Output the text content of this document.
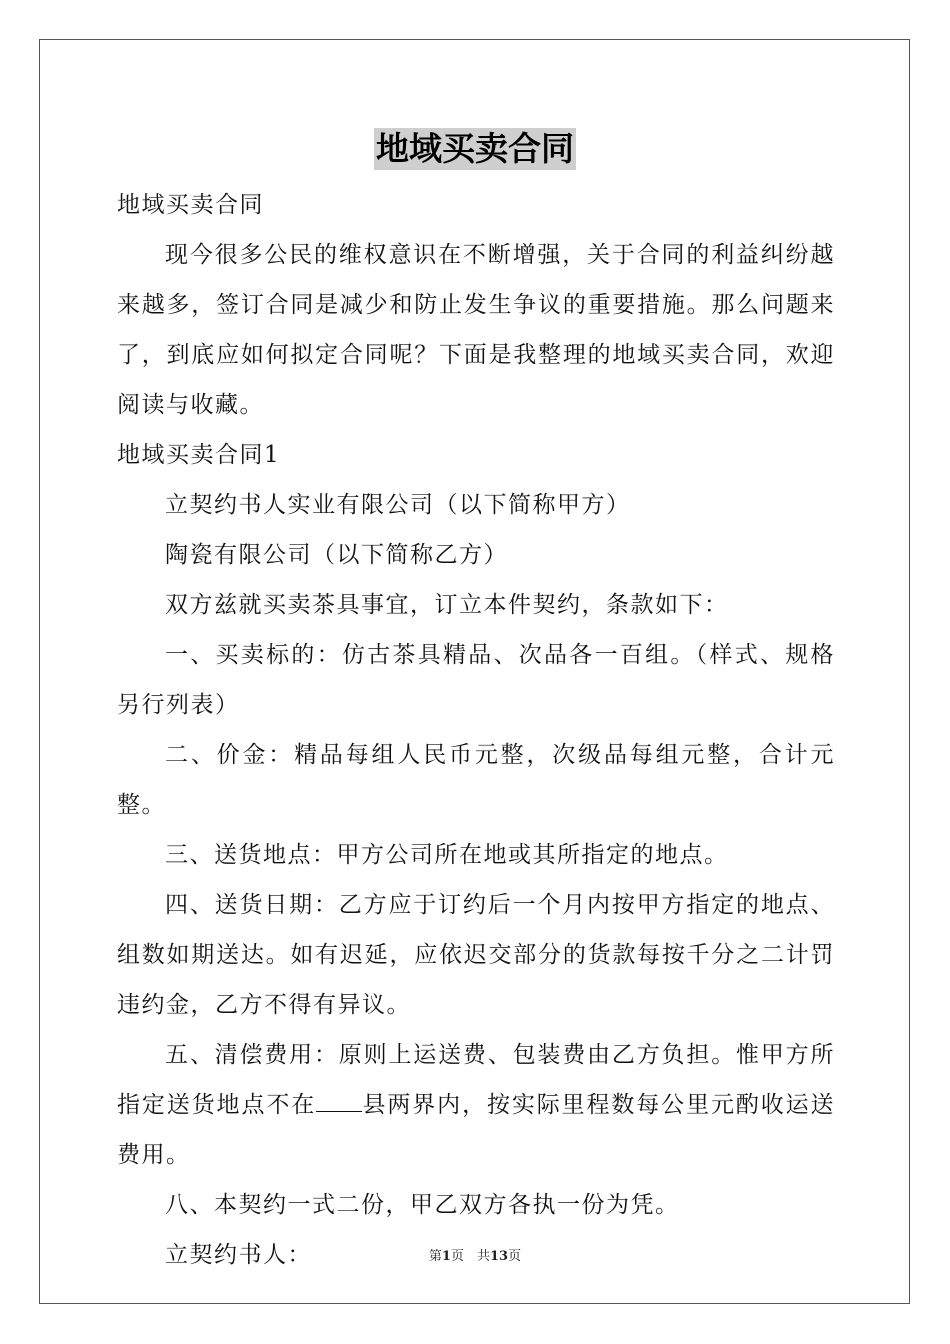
地域买卖合同

地域买卖合同

现今很多公民的维权意识在不断增强，关于合同的利益纠纷越来越多，签订合同是减少和防止发生争议的重要措施。那么问题来了，到底应如何拟定合同呢？下面是我整理的地域买卖合同，欢迎阅读与收藏。

地域买卖合同1

立契约书人实业有限公司（以下简称甲方）

陶瓷有限公司（以下简称乙方）

双方兹就买卖茶具事宜，订立本件契约，条款如下：

一、买卖标的：仿古茶具精品、次品各一百组。（样式、规格另行列表）

二、价金：精品每组人民币元整，次级品每组元整，合计元整。

三、送货地点：甲方公司所在地或其所指定的地点。

四、送货日期：乙方应于订约后一个月内按甲方指定的地点、组数如期送达。如有迟延，应依迟交部分的货款每按千分之二计罚违约金，乙方不得有异议。

五、清偿费用：原则上运送费、包装费由乙方负担。惟甲方所指定送货地点不在 县两界内，按实际里程数每公里元酌收运送费用。

八、本契约一式二份，甲乙双方各执一份为凭。

立契约书人：	第1页　共13页
